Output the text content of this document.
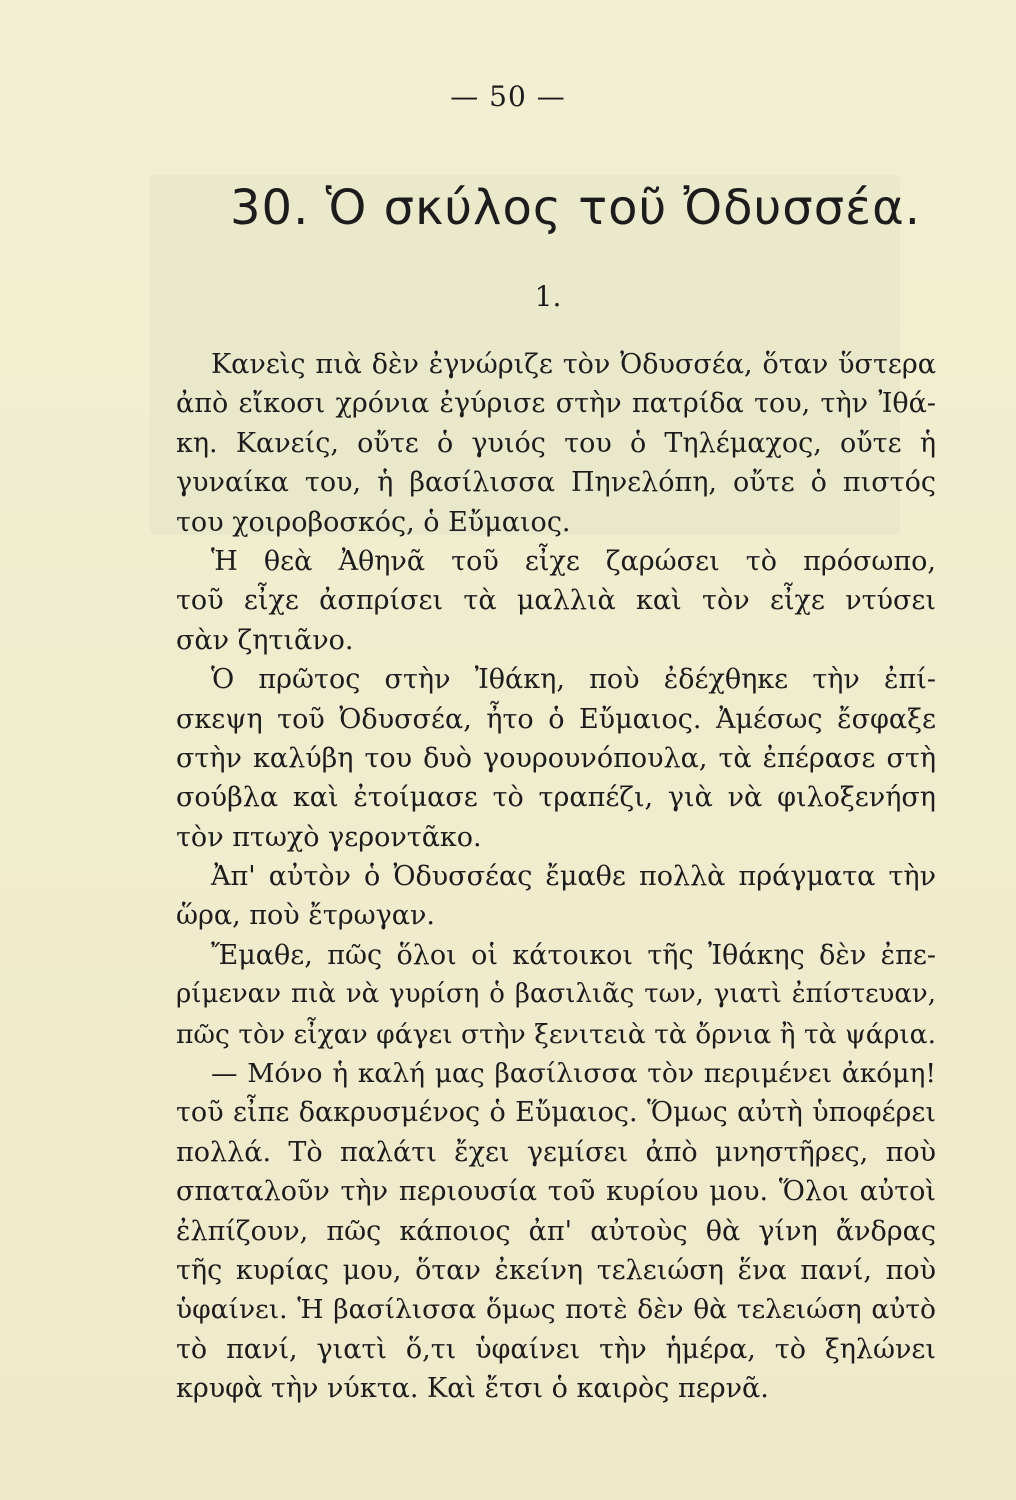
— 50 —
30. Ὁ σκύλος τοῦ Ὀδυσσέα.
1.
Κανεὶς πιὰ δὲν ἐγνώριζε τὸν Ὀδυσσέα, ὅταν ὕστερα
ἀπὸ εἴκοσι χρόνια ἐγύρισε στὴν πατρίδα του, τὴν Ἰθά-
κη. Κανείς, οὔτε ὁ γυιός του ὁ Τηλέμαχος, οὔτε ἡ
γυναίκα του, ἡ βασίλισσα Πηνελόπη, οὔτε ὁ πιστός
του χοιροβοσκός, ὁ Εὔμαιος.
Ἡ θεὰ Ἀθηνᾶ τοῦ εἶχε ζαρώσει τὸ πρόσωπο,
τοῦ εἶχε ἀσπρίσει τὰ μαλλιὰ καὶ τὸν εἶχε ντύσει
σὰν ζητιᾶνο.
Ὁ πρῶτος στὴν Ἰθάκη, ποὺ ἐδέχθηκε τὴν ἐπί-
σκεψη τοῦ Ὀδυσσέα, ἦτο ὁ Εὔμαιος. Ἀμέσως ἔσφαξε
στὴν καλύβη του δυὸ γουρουνόπουλα, τὰ ἐπέρασε στὴ
σούβλα καὶ ἐτοίμασε τὸ τραπέζι, γιὰ νὰ φιλοξενήση
τὸν πτωχὸ γεροντᾶκο.
Ἀπ' αὐτὸν ὁ Ὀδυσσέας ἔμαθε πολλὰ πράγματα τὴν
ὥρα, ποὺ ἔτρωγαν.
Ἔμαθε, πῶς ὅλοι οἱ κάτοικοι τῆς Ἰθάκης δὲν ἐπε-
ρίμεναν πιὰ νὰ γυρίση ὁ βασιλιᾶς των, γιατὶ ἐπίστευαν,
πῶς τὸν εἶχαν φάγει στὴν ξενιτειὰ τὰ ὄρνια ἢ τὰ ψάρια.
— Μόνο ἡ καλή μας βασίλισσα τὸν περιμένει ἀκόμη!
τοῦ εἶπε δακρυσμένος ὁ Εὔμαιος. Ὅμως αὐτὴ ὑποφέρει
πολλά. Τὸ παλάτι ἔχει γεμίσει ἀπὸ μνηστῆρες, ποὺ
σπαταλοῦν τὴν περιουσία τοῦ κυρίου μου. Ὅλοι αὐτοὶ
ἐλπίζουν, πῶς κάποιος ἀπ' αὐτοὺς θὰ γίνη ἄνδρας
τῆς κυρίας μου, ὅταν ἐκείνη τελειώση ἕνα πανί, ποὺ
ὑφαίνει. Ἡ βασίλισσα ὅμως ποτὲ δὲν θὰ τελειώση αὐτὸ
τὸ πανί, γιατὶ ὅ,τι ὑφαίνει τὴν ἡμέρα, τὸ ξηλώνει
κρυφὰ τὴν νύκτα. Καὶ ἔτσι ὁ καιρὸς περνᾶ.
